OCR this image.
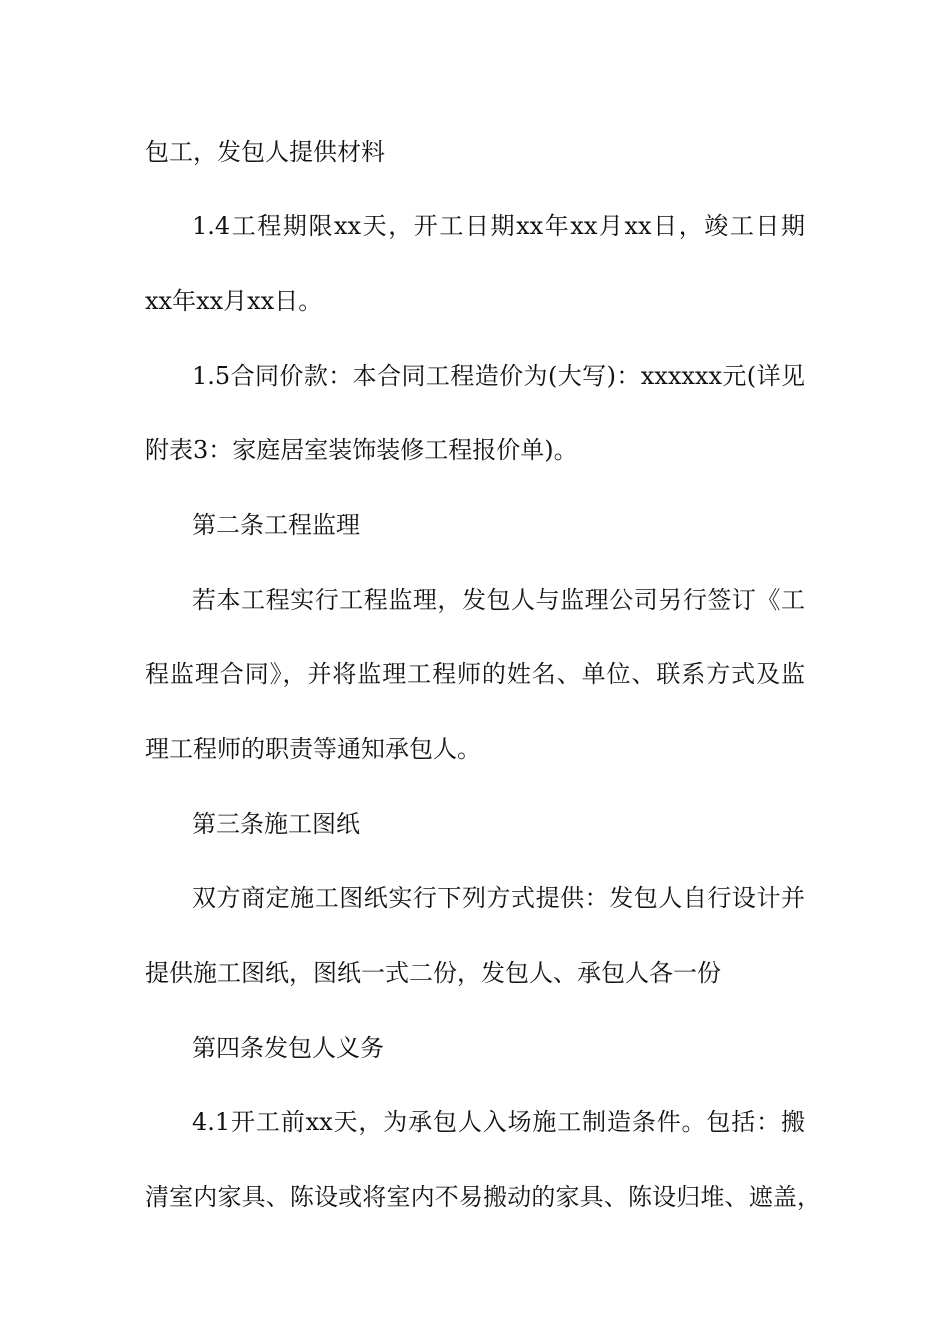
包工，发包人提供材料
1.4工程期限xx天，开工日期xx年xx月xx日，竣工日期
xx年xx月xx日。
1.5合同价款：本合同工程造价为(大写)：xxxxxx元(详见
附表3：家庭居室装饰装修工程报价单)。
第二条工程监理
若本工程实行工程监理，发包人与监理公司另行签订《工
程监理合同》，并将监理工程师的姓名、单位、联系方式及监
理工程师的职责等通知承包人。
第三条施工图纸
双方商定施工图纸实行下列方式提供：发包人自行设计并
提供施工图纸，图纸一式二份，发包人、承包人各一份
第四条发包人义务
4.1开工前xx天，为承包人入场施工制造条件。包括：搬
清室内家具、陈设或将室内不易搬动的家具、陈设归堆、遮盖，
